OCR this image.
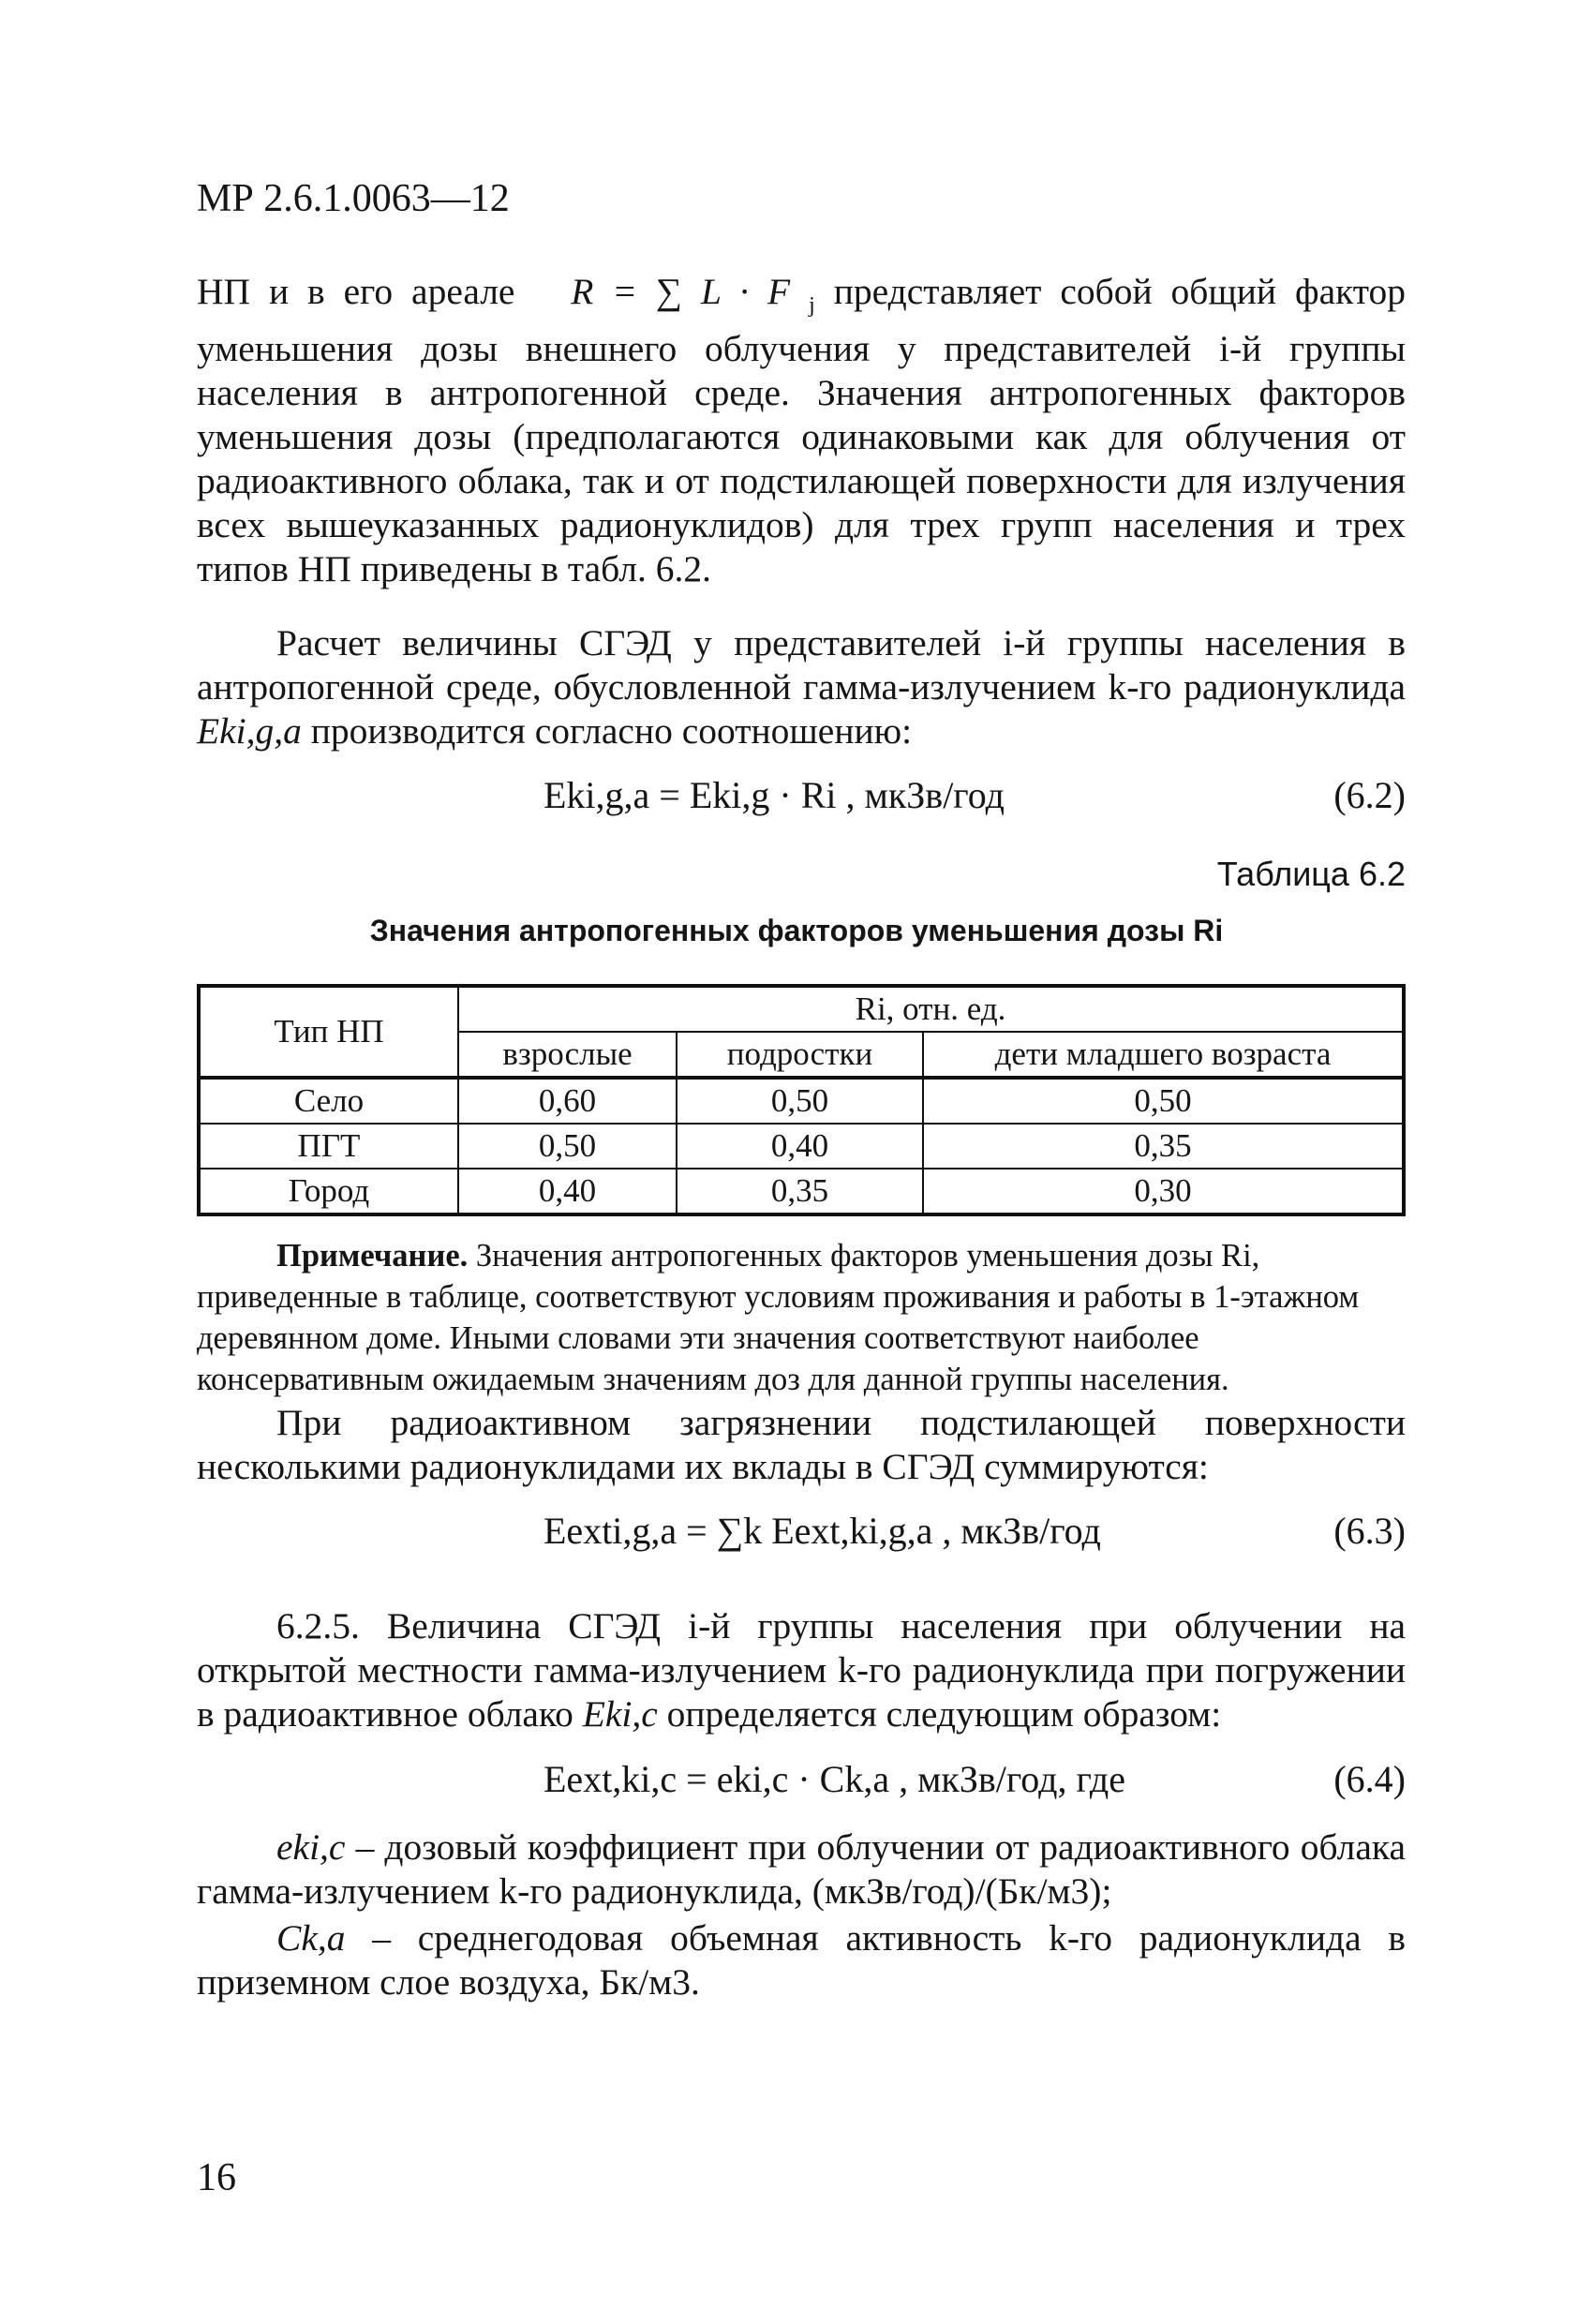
МР 2.6.1.0063—12
НП и в его ареале R = ∑ L · F $_j$ представляет собой общий фактор уменьшения дозы внешнего облучения у представителей i-й группы населения в антропогенной среде. Значения антропогенных факторов уменьшения дозы (предполагаются одинаковыми как для облучения от радиоактивного облака, так и от подстилающей поверхности для излучения всех вышеуказанных радионуклидов) для трех групп населения и трех типов НП приведены в табл. 6.2.
Расчет величины СГЭД у представителей i-й группы населения в антропогенной среде, обусловленной гамма-излучением k-го радионуклида Eki,g,a производится согласно соотношению:
Eki,g,a = Eki,g · Ri , мкЗв/год	(6.2)
Таблица 6.2
Значения антропогенных факторов уменьшения дозы Ri
Тип НП	Ri, отн. ед.		
	взрослые	подростки	дети младшего возраста
Село	0,60	0,50	0,50
ПГТ	0,50	0,40	0,35
Город	0,40	0,35	0,30
Примечание. Значения антропогенных факторов уменьшения дозы Ri, приведенные в таблице, соответствуют условиям проживания и работы в 1-этажном деревянном доме. Иными словами эти значения соответствуют наиболее консервативным ожидаемым значениям доз для данной группы населения.
При радиоактивном загрязнении подстилающей поверхности несколькими радионуклидами их вклады в СГЭД суммируются:
Eexti,g,a = ∑k Eext,ki,g,a , мкЗв/год	(6.3)
6.2.5. Величина СГЭД i-й группы населения при облучении на открытой местности гамма-излучением k-го радионуклида при погружении в радиоактивное облако Eki,c определяется следующим образом:
Eext,ki,c = eki,c · Ck,a , мкЗв/год, где	(6.4)
eki,c – дозовый коэффициент при облучении от радиоактивного облака гамма-излучением k-го радионуклида, (мкЗв/год)/(Бк/м3);
Ck,a – среднегодовая объемная активность k-го радионуклида в приземном слое воздуха, Бк/м3.
16
